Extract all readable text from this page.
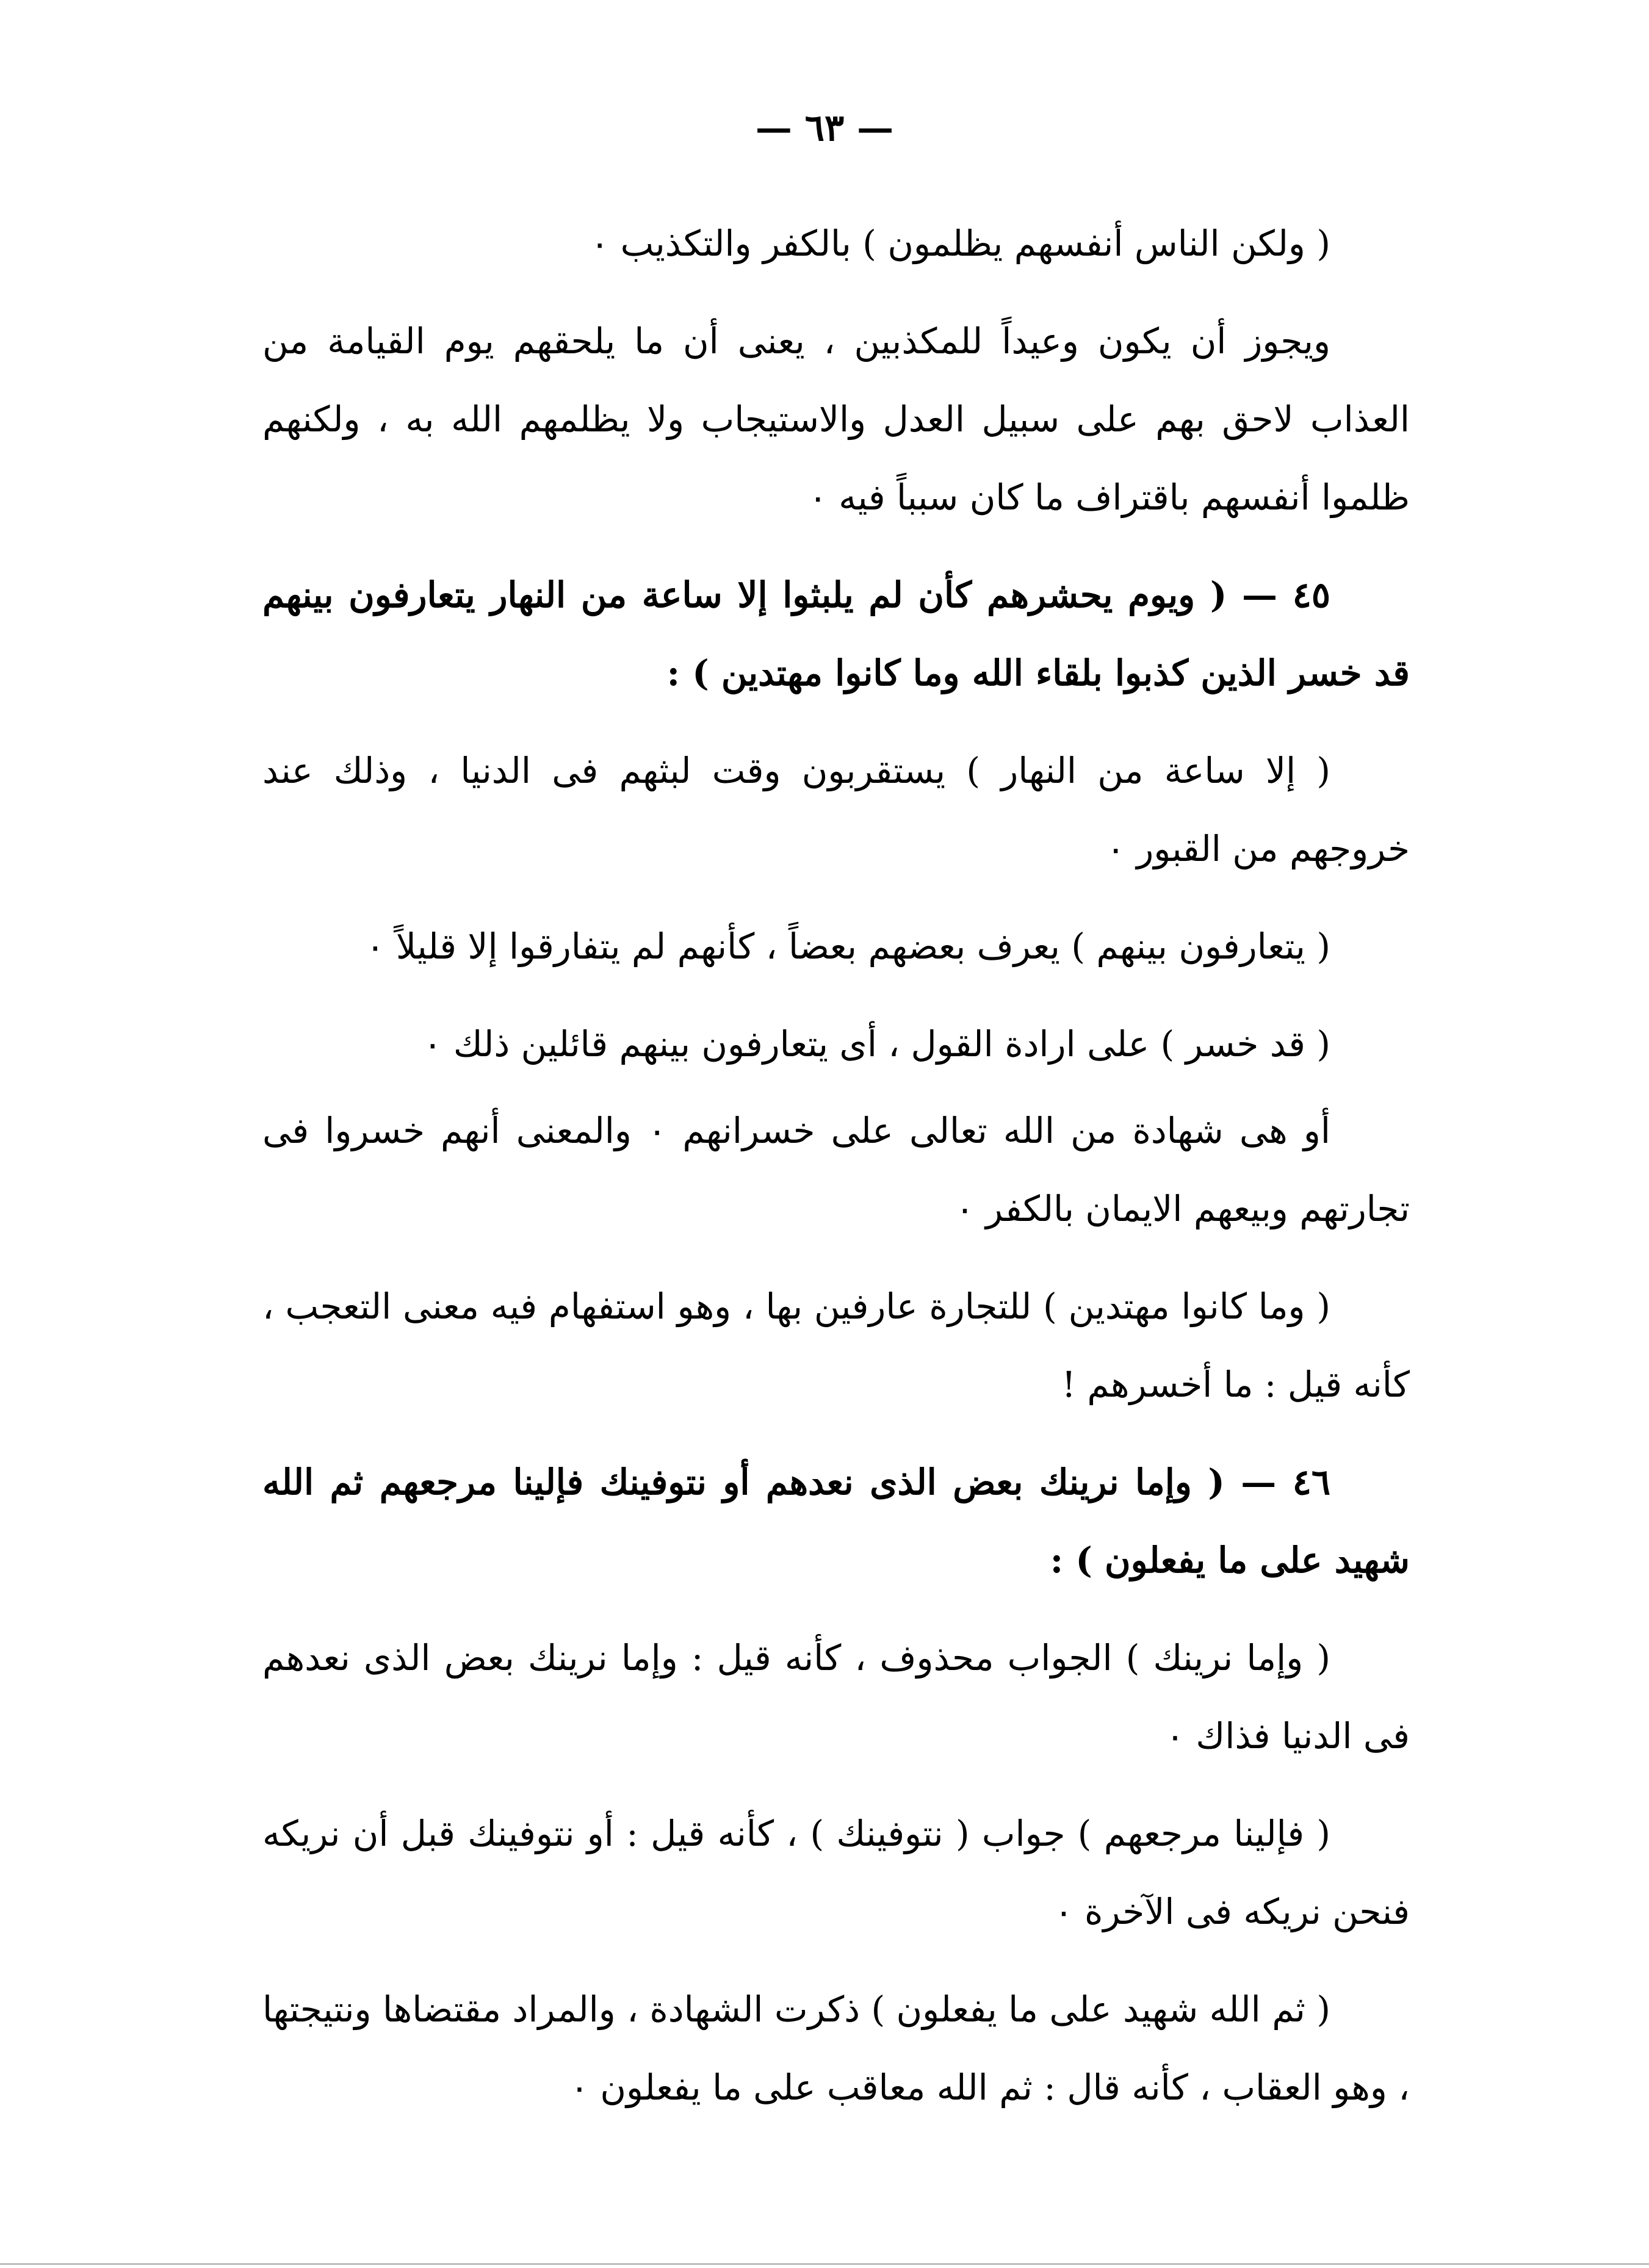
— ٦٣ —

( ولكن الناس أنفسهم يظلمون ) بالكفر والتكذيب ٠

ويجوز أن يكون وعيداً للمكذبين ، يعنى أن ما يلحقهم يوم القيامة من العذاب لاحق بهم على سبيل العدل والاستيجاب ولا يظلمهم الله به ، ولكنهم ظلموا أنفسهم باقتراف ما كان سبباً فيه ٠

٤٥ — ( ويوم يحشرهم كأن لم يلبثوا إلا ساعة من النهار يتعارفون بينهم قد خسر الذين كذبوا بلقاء الله وما كانوا مهتدين ) :

( إلا ساعة من النهار ) يستقربون وقت لبثهم فى الدنيا ، وذلك عند خروجهم من القبور ٠

( يتعارفون بينهم ) يعرف بعضهم بعضاً ، كأنهم لم يتفارقوا إلا قليلاً ٠

( قد خسر ) على ارادة القول ، أى يتعارفون بينهم قائلين ذلك ٠

أو هى شهادة من الله تعالى على خسرانهم ٠ والمعنى أنهم خسروا فى تجارتهم وبيعهم الايمان بالكفر ٠

( وما كانوا مهتدين ) للتجارة عارفين بها ، وهو استفهام فيه معنى التعجب ، كأنه قيل : ما أخسرهم !

٤٦ — ( وإما نرينك بعض الذى نعدهم أو نتوفينك فإلينا مرجعهم ثم الله شهيد على ما يفعلون ) :

( وإما نرينك ) الجواب محذوف ، كأنه قيل : وإما نرينك بعض الذى نعدهم فى الدنيا فذاك ٠

( فإلينا مرجعهم ) جواب ( نتوفينك ) ، كأنه قيل : أو نتوفينك قبل أن نريكه فنحن نريكه فى الآخرة ٠

( ثم الله شهيد على ما يفعلون ) ذكرت الشهادة ، والمراد مقتضاها ونتيجتها ، وهو العقاب ، كأنه قال : ثم الله معاقب على ما يفعلون ٠
